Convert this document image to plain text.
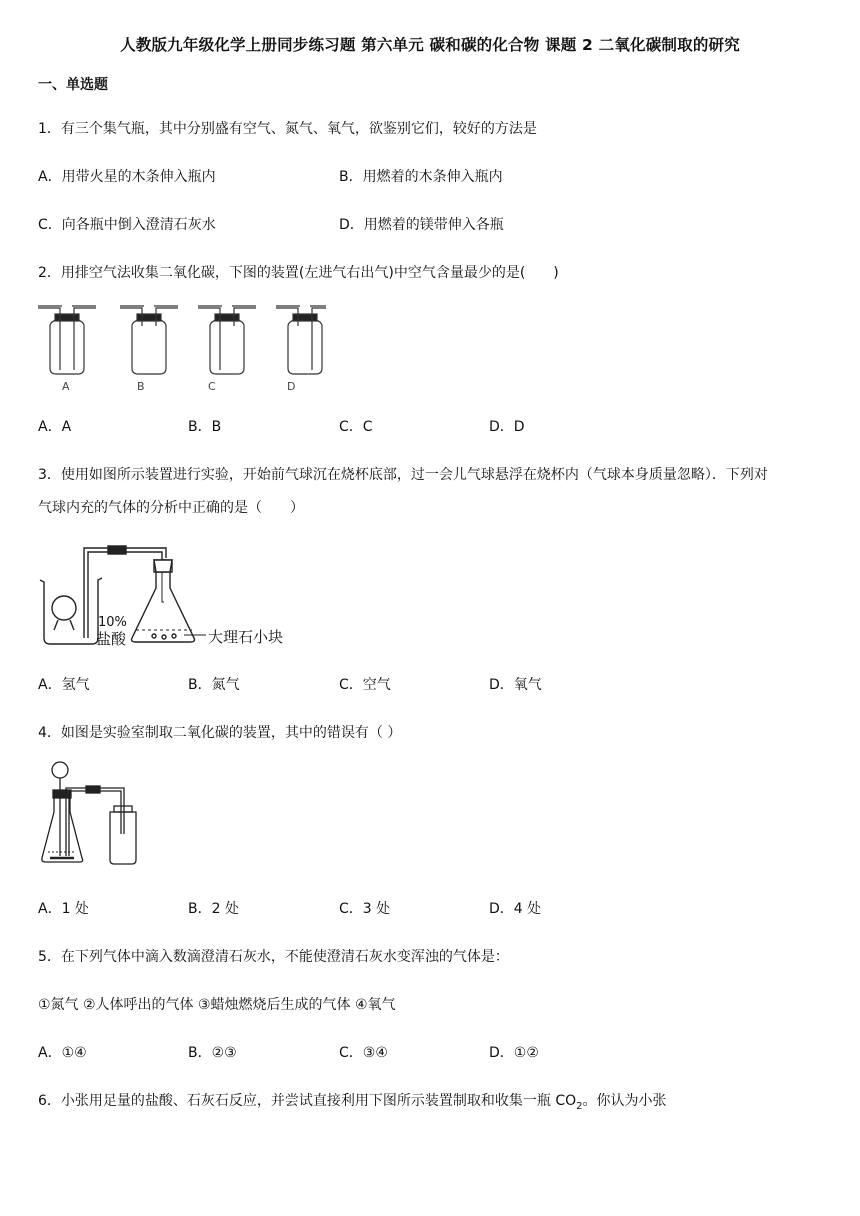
人教版九年级化学上册同步练习题 第六单元 碳和碳的化合物 课题 2 二氧化碳制取的研究
一、单选题
1．有三个集气瓶，其中分别盛有空气、氮气、氧气，欲鉴别它们，较好的方法是
A．用带火星的木条伸入瓶内	B．用燃着的木条伸入瓶内
C．向各瓶中倒入澄清石灰水	D．用燃着的镁带伸入各瓶
2．用排空气法收集二氧化碳，下图的装置(左进气右出气)中空气含量最少的是(　　)
A	B	C	D
A．A	B．B	C．C	D．D
3．使用如图所示装置进行实验，开始前气球沉在烧杯底部，过一会儿气球悬浮在烧杯内（气球本身质量忽略）．下列对
气球内充的气体的分析中正确的是（　　）
10%
盐酸	大理石小块
A．氢气	B．氮气	C．空气	D．氧气
4．如图是实验室制取二氧化碳的装置，其中的错误有（ ）
A．1 处	B．2 处	C．3 处	D．4 处
5．在下列气体中滴入数滴澄清石灰水，不能使澄清石灰水变浑浊的气体是：
①氮气 ②人体呼出的气体 ③蜡烛燃烧后生成的气体 ④氧气
A．①④	B．②③	C．③④	D．①②
6．小张用足量的盐酸、石灰石反应，并尝试直接利用下图所示装置制取和收集一瓶 $CO_2$。你认为小张
